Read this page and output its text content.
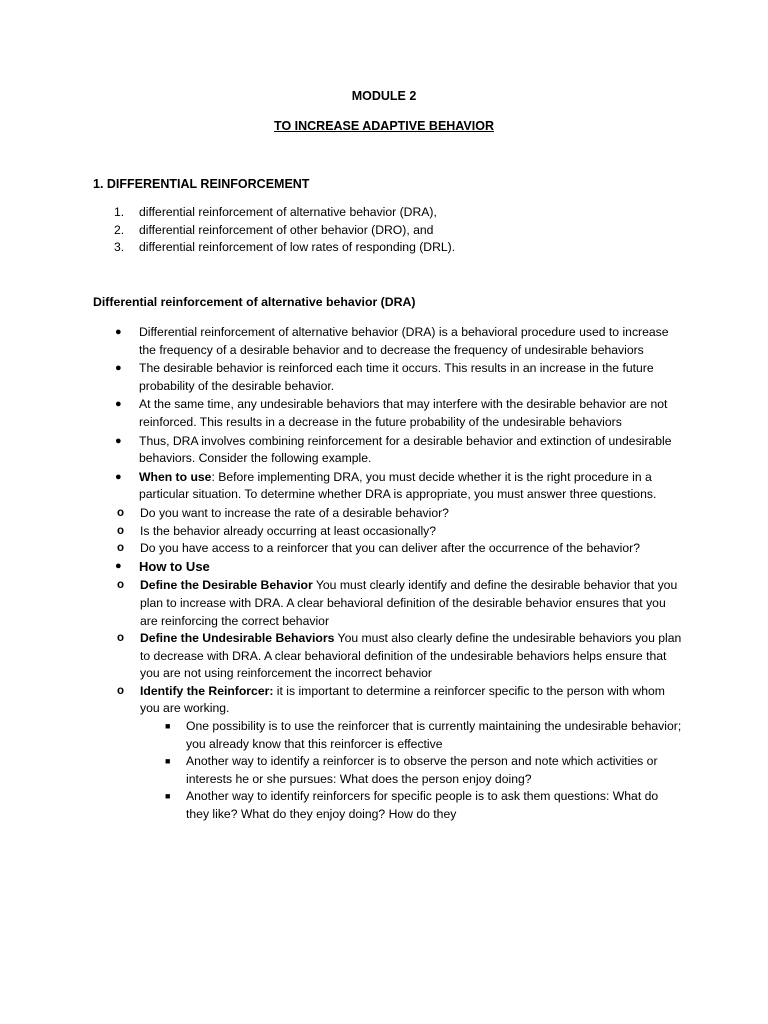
MODULE 2
TO INCREASE ADAPTIVE BEHAVIOR
1. DIFFERENTIAL REINFORCEMENT
1. differential reinforcement of alternative behavior (DRA),
2. differential reinforcement of other behavior (DRO), and
3. differential reinforcement of low rates of responding (DRL).
Differential reinforcement of alternative behavior (DRA)
● Differential reinforcement of alternative behavior (DRA) is a behavioral procedure used to increase the frequency of a desirable behavior and to decrease the frequency of undesirable behaviors
● The desirable behavior is reinforced each time it occurs. This results in an increase in the future probability of the desirable behavior.
● At the same time, any undesirable behaviors that may interfere with the desirable behavior are not reinforced. This results in a decrease in the future probability of the undesirable behaviors
● Thus, DRA involves combining reinforcement for a desirable behavior and extinction of undesirable behaviors. Consider the following example.
● When to use: Before implementing DRA, you must decide whether it is the right procedure in a particular situation. To determine whether DRA is appropriate, you must answer three questions.
o Do you want to increase the rate of a desirable behavior?
o Is the behavior already occurring at least occasionally?
o Do you have access to a reinforcer that you can deliver after the occurrence of the behavior?
● How to Use
o Define the Desirable Behavior You must clearly identify and define the desirable behavior that you plan to increase with DRA. A clear behavioral definition of the desirable behavior ensures that you are reinforcing the correct behavior
o Define the Undesirable Behaviors You must also clearly define the undesirable behaviors you plan to decrease with DRA. A clear behavioral definition of the undesirable behaviors helps ensure that you are not using reinforcement the incorrect behavior
o Identify the Reinforcer: it is important to determine a reinforcer specific to the person with whom you are working.
■ One possibility is to use the reinforcer that is currently maintaining the undesirable behavior; you already know that this reinforcer is effective
■ Another way to identify a reinforcer is to observe the person and note which activities or interests he or she pursues: What does the person enjoy doing?
■ Another way to identify reinforcers for specific people is to ask them questions: What do they like? What do they enjoy doing? How do they
